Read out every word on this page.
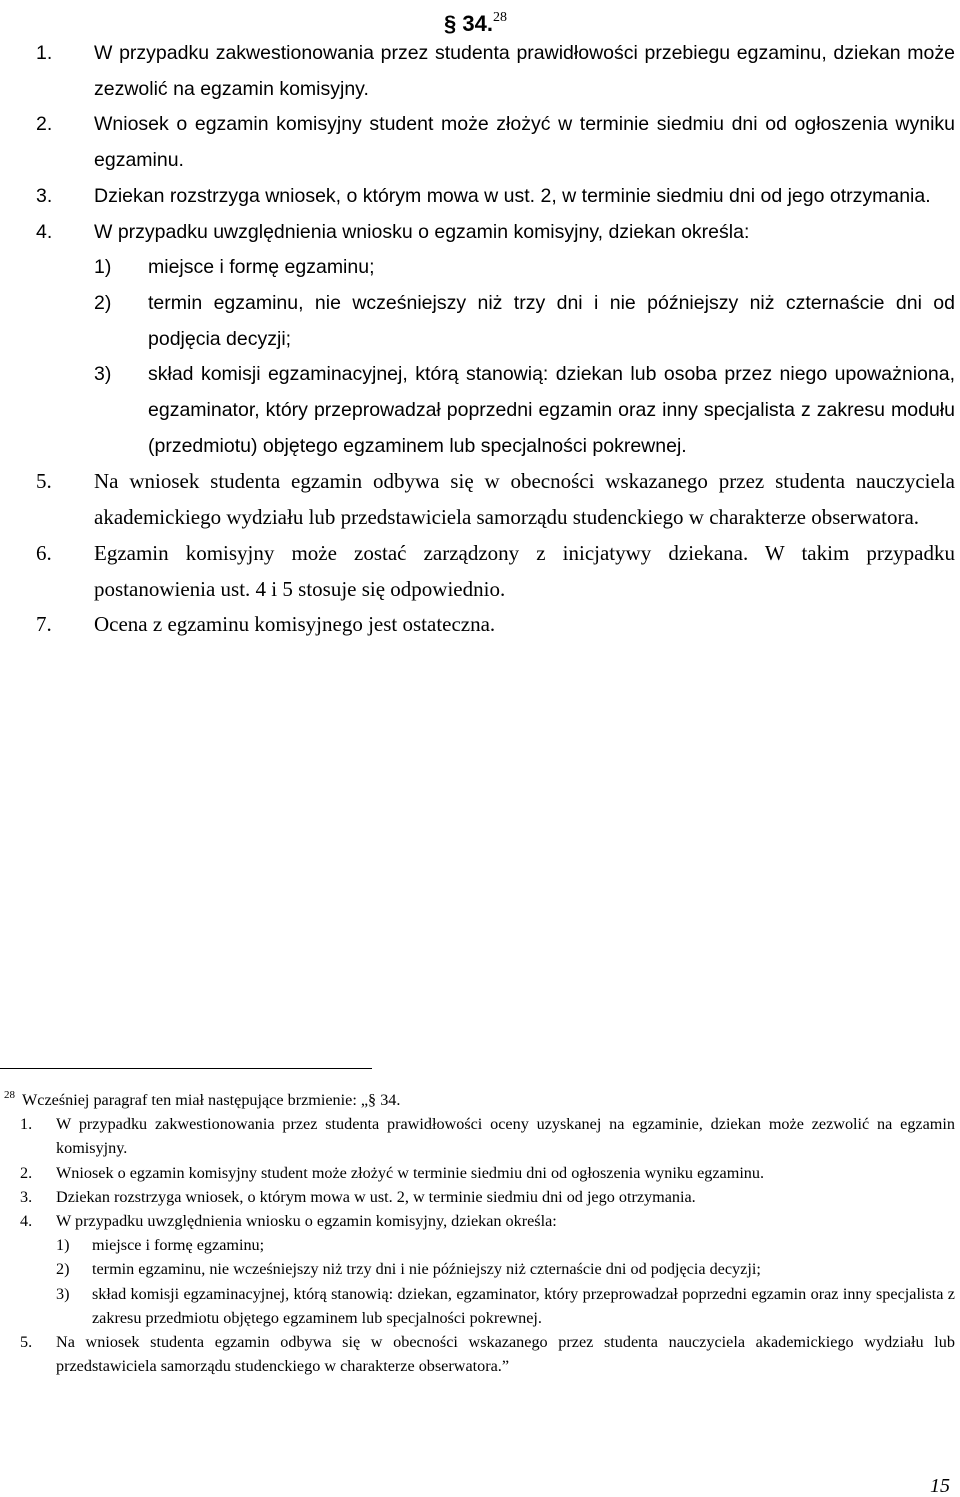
§ 34.28
1. W przypadku zakwestionowania przez studenta prawidłowości przebiegu egzaminu, dziekan może zezwolić na egzamin komisyjny.
2. Wniosek o egzamin komisyjny student może złożyć w terminie siedmiu dni od ogłoszenia wyniku egzaminu.
3. Dziekan rozstrzyga wniosek, o którym mowa w ust. 2, w terminie siedmiu dni od jego otrzymania.
4. W przypadku uwzględnienia wniosku o egzamin komisyjny, dziekan określa:
1) miejsce i formę egzaminu;
2) termin egzaminu, nie wcześniejszy niż trzy dni i nie późniejszy niż czternaście dni od podjęcia decyzji;
3) skład komisji egzaminacyjnej, którą stanowią: dziekan lub osoba przez niego upoważniona, egzaminator, który przeprowadzał poprzedni egzamin oraz inny specjalista z zakresu modułu (przedmiotu) objętego egzaminem lub specjalności pokrewnej.
5. Na wniosek studenta egzamin odbywa się w obecności wskazanego przez studenta nauczyciela akademickiego wydziału lub przedstawiciela samorządu studenckiego w charakterze obserwatora.
6. Egzamin komisyjny może zostać zarządzony z inicjatywy dziekana. W takim przypadku postanowienia ust. 4 i 5 stosuje się odpowiednio.
7. Ocena z egzaminu komisyjnego jest ostateczna.
28 Wcześniej paragraf ten miał następujące brzmienie: „§ 34.
1. W przypadku zakwestionowania przez studenta prawidłowości oceny uzyskanej na egzaminie, dziekan może zezwolić na egzamin komisyjny.
2. Wniosek o egzamin komisyjny student może złożyć w terminie siedmiu dni od ogłoszenia wyniku egzaminu.
3. Dziekan rozstrzyga wniosek, o którym mowa w ust. 2, w terminie siedmiu dni od jego otrzymania.
4. W przypadku uwzględnienia wniosku o egzamin komisyjny, dziekan określa:
1) miejsce i formę egzaminu;
2) termin egzaminu, nie wcześniejszy niż trzy dni i nie późniejszy niż czternaście dni od podjęcia decyzji;
3) skład komisji egzaminacyjnej, którą stanowią: dziekan, egzaminator, który przeprowadzał poprzedni egzamin oraz inny specjalista z zakresu przedmiotu objętego egzaminem lub specjalności pokrewnej.
5. Na wniosek studenta egzamin odbywa się w obecności wskazanego przez studenta nauczyciela akademickiego wydziału lub przedstawiciela samorządu studenckiego w charakterze obserwatora.”
15
